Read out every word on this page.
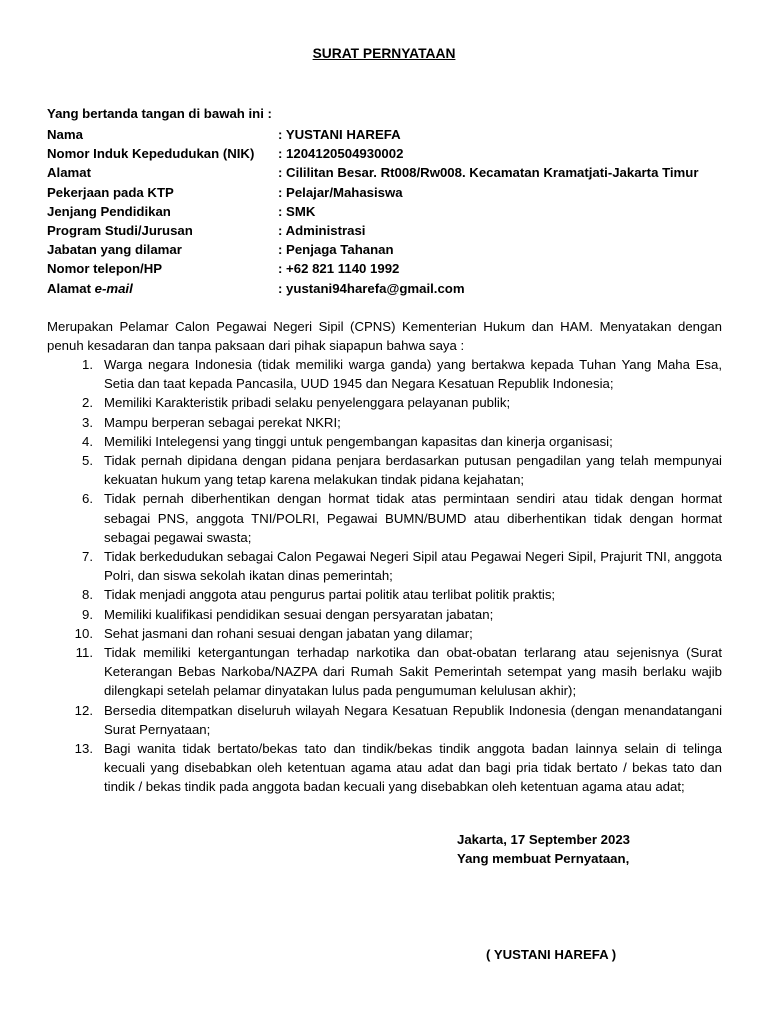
SURAT PERNYATAAN
Yang bertanda tangan di bawah ini :
Nama	: YUSTANI HAREFA
Nomor Induk Kepedudukan (NIK)	: 1204120504930002
Alamat	: Cililitan Besar. Rt008/Rw008. Kecamatan Kramatjati-Jakarta Timur
Pekerjaan pada KTP	: Pelajar/Mahasiswa
Jenjang Pendidikan	: SMK
Program Studi/Jurusan	: Administrasi
Jabatan yang dilamar	: Penjaga Tahanan
Nomor telepon/HP	: +62 821 1140 1992
Alamat e-mail	: yustani94harefa@gmail.com
Merupakan Pelamar Calon Pegawai Negeri Sipil (CPNS) Kementerian Hukum dan HAM. Menyatakan dengan penuh kesadaran dan tanpa paksaan dari pihak siapapun bahwa saya :
1. Warga negara Indonesia (tidak memiliki warga ganda) yang bertakwa kepada Tuhan Yang Maha Esa, Setia dan taat kepada Pancasila, UUD 1945 dan Negara Kesatuan Republik Indonesia;
2. Memiliki Karakteristik pribadi selaku penyelenggara pelayanan publik;
3. Mampu berperan sebagai perekat NKRI;
4. Memiliki Intelegensi yang tinggi untuk pengembangan kapasitas dan kinerja organisasi;
5. Tidak pernah dipidana dengan pidana penjara berdasarkan putusan pengadilan yang telah mempunyai kekuatan hukum yang tetap karena melakukan tindak pidana kejahatan;
6. Tidak pernah diberhentikan dengan hormat tidak atas permintaan sendiri atau tidak dengan hormat sebagai PNS, anggota TNI/POLRI, Pegawai BUMN/BUMD atau diberhentikan tidak dengan hormat sebagai pegawai swasta;
7. Tidak berkedudukan sebagai Calon Pegawai Negeri Sipil atau Pegawai Negeri Sipil, Prajurit TNI, anggota Polri, dan siswa sekolah ikatan dinas pemerintah;
8. Tidak menjadi anggota atau pengurus partai politik atau terlibat politik praktis;
9. Memiliki kualifikasi pendidikan sesuai dengan persyaratan jabatan;
10. Sehat jasmani dan rohani sesuai dengan jabatan yang dilamar;
11. Tidak memiliki ketergantungan terhadap narkotika dan obat-obatan terlarang atau sejenisnya (Surat Keterangan Bebas Narkoba/NAZPA dari Rumah Sakit Pemerintah setempat yang masih berlaku wajib dilengkapi setelah pelamar dinyatakan lulus pada pengumuman kelulusan akhir);
12. Bersedia ditempatkan diseluruh wilayah Negara Kesatuan Republik Indonesia (dengan menandatangani Surat Pernyataan;
13. Bagi wanita tidak bertato/bekas tato dan tindik/bekas tindik anggota badan lainnya selain di telinga kecuali yang disebabkan oleh ketentuan agama atau adat dan bagi pria tidak bertato / bekas tato dan tindik / bekas tindik pada anggota badan kecuali yang disebabkan oleh ketentuan agama atau adat;
Jakarta, 17 September 2023
Yang membuat Pernyataan,
( YUSTANI HAREFA )
